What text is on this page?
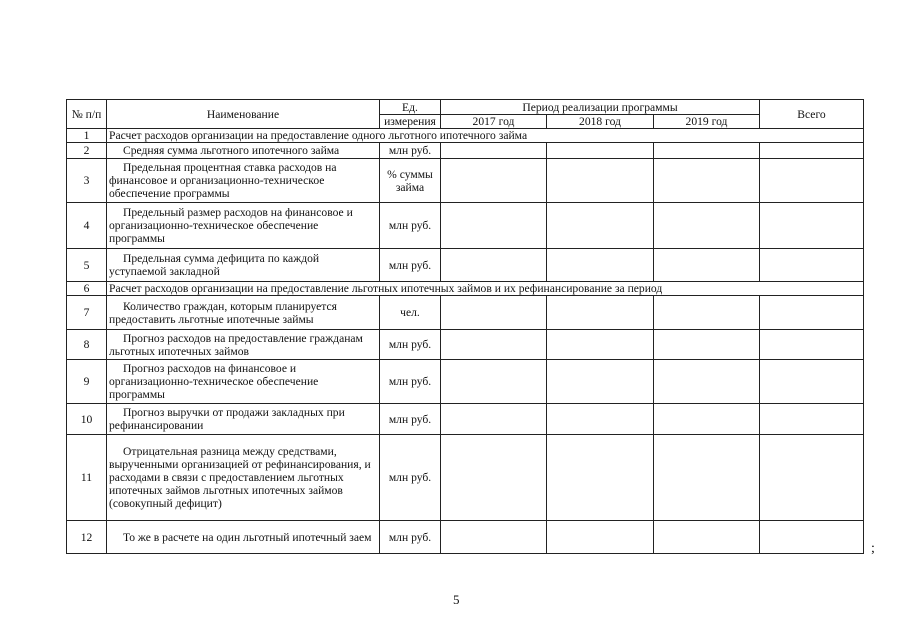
№ п/п	Наименование	Ед.	Период реализации программы			Всего
		измерения	2017 год	2018 год	2019 год	
1	Расчет расходов организации на предоставление одного льготного ипотечного займа					
2	Средняя сумма льготного ипотечного займа	млн руб.				
3	Предельная процентная ставка расходов на финансовое и организационно-техническое обеспечение программы	% суммы займа				
4	Предельный размер расходов на финансовое и организационно-техническое обеспечение программы	млн руб.				
5	Предельная сумма дефицита по каждой уступаемой закладной	млн руб.				
6	Расчет расходов организации на предоставление льготных ипотечных займов и их рефинансирование за период					
7	Количество граждан, которым планируется предоставить льготные ипотечные займы	чел.				
8	Прогноз расходов на предоставление гражданам льготных ипотечных займов	млн руб.				
9	Прогноз расходов на финансовое и организационно-техническое обеспечение программы	млн руб.				
10	Прогноз выручки от продажи закладных при рефинансировании	млн руб.				
11	Отрицательная разница между средствами, вырученными организацией от рефинансирования, и расходами в связи с предоставлением льготных ипотечных займов льготных ипотечных займов (совокупный дефицит)	млн руб.				
12	То же в расчете на один льготный ипотечный заем	млн руб.				
;
5
